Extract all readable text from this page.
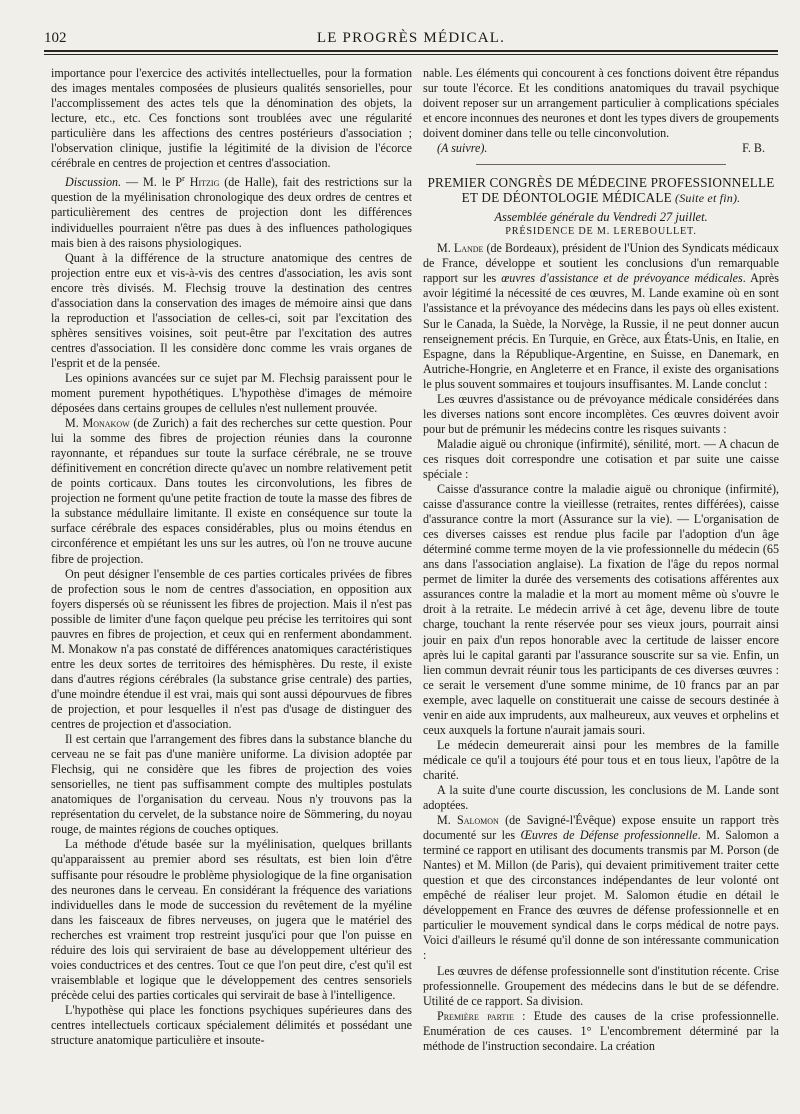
102	LE PROGRÈS MÉDICAL.

importance pour l'exercice des activités intellectuelles, pour la formation des images mentales composées de plusieurs qualités sensorielles, pour l'accomplissement des actes tels que la dénomination des objets, la lecture, etc., etc. Ces fonctions sont troublées avec une régularité particulière dans les affections des centres postérieurs d'association ; l'observation clinique, justifie la légitimité de la division de l'écorce cérébrale en centres de projection et centres d'association.

Discussion. — M. le $P^r$ Hitzig (de Halle), fait des restrictions sur la question de la myélinisation chronologique des deux ordres de centres et particulièrement des centres de projection dont les différences individuelles pourraient n'être pas dues à des influences pathologiques mais bien à des raisons physiologiques.

Quant à la différence de la structure anatomique des centres de projection entre eux et vis-à-vis des centres d'association, les avis sont encore très divisés. M. Flechsig trouve la destination des centres d'association dans la conservation des images de mémoire ainsi que dans la reproduction et l'association de celles-ci, soit par l'excitation des sphères sensitives voisines, soit peut-être par l'excitation des autres centres d'association. Il les considère donc comme les vrais organes de l'esprit et de la pensée.

Les opinions avancées sur ce sujet par M. Flechsig paraissent pour le moment purement hypothétiques. L'hypothèse d'images de mémoire déposées dans certains groupes de cellules n'est nullement prouvée.

M. Monakow (de Zurich) a fait des recherches sur cette question. Pour lui la somme des fibres de projection réunies dans la couronne rayonnante, et répandues sur toute la surface cérébrale, ne se trouve définitivement en concrétion directe qu'avec un nombre relativement petit de points corticaux. Dans toutes les circonvolutions, les fibres de projection ne forment qu'une petite fraction de toute la masse des fibres de la substance médullaire limitante. Il existe en conséquence sur toute la surface cérébrale des espaces considérables, plus ou moins étendus en circonférence et empiétant les uns sur les autres, où l'on ne trouve aucune fibre de projection.

On peut désigner l'ensemble de ces parties corticales privées de fibres de profection sous le nom de centres d'association, en opposition aux foyers dispersés où se réunissent les fibres de projection. Mais il n'est pas possible de limiter d'une façon quelque peu précise les territoires qui sont pauvres en fibres de projection, et ceux qui en renferment abondamment. M. Monakow n'a pas constaté de différences anatomiques caractéristiques entre les deux sortes de territoires des hémisphères. Du reste, il existe dans d'autres régions cérébrales (la substance grise centrale) des parties, d'une moindre étendue il est vrai, mais qui sont aussi dépourvues de fibres de projection, et pour lesquelles il n'est pas d'usage de distinguer des centres de projection et d'association.

Il est certain que l'arrangement des fibres dans la substance blanche du cerveau ne se fait pas d'une manière uniforme. La division adoptée par Flechsig, qui ne considère que les fibres de projection des voies sensorielles, ne tient pas suffisamment compte des multiples postulats anatomiques de l'organisation du cerveau. Nous n'y trouvons pas la représentation du cervelet, de la substance noire de Sömmering, du noyau rouge, de maintes régions de couches optiques.

La méthode d'étude basée sur la myélinisation, quelques brillants qu'apparaissent au premier abord ses résultats, est bien loin d'être suffisante pour résoudre le problème physiologique de la fine organisation des neurones dans le cerveau. En considérant la fréquence des variations individuelles dans le mode de succession du revêtement de la myéline dans les faisceaux de fibres nerveuses, on jugera que le matériel des recherches est vraiment trop restreint jusqu'ici pour que l'on puisse en réduire des lois qui serviraient de base au développement ultérieur des voies conductrices et des centres. Tout ce que l'on peut dire, c'est qu'il est vraisemblable et logique que le développement des centres sensoriels précède celui des parties corticales qui servirait de base à l'intelligence.

L'hypothèse qui place les fonctions psychiques supérieures dans des centres intellectuels corticaux spécialement délimités et possédant une structure anatomique particulière et insoute-

nable. Les éléments qui concourent à ces fonctions doivent être répandus sur toute l'écorce. Et les conditions anatomiques du travail psychique doivent reposer sur un arrangement particulier à complications spéciales et encore inconnues des neurones et dont les types divers de groupements doivent dominer dans telle ou telle cinconvolution.

(A suivre).	F. B.
PREMIER CONGRÈS DE MÉDECINE PROFESSIONNELLE ET DE DÉONTOLOGIE MÉDICALE (Suite et fin).
Assemblée générale du Vendredi 27 juillet.
PRÉSIDENCE DE M. LEREBOULLET.

M. Lande (de Bordeaux), président de l'Union des Syndicats médicaux de France, développe et soutient les conclusions d'un remarquable rapport sur les œuvres d'assistance et de prévoyance médicales. Après avoir légitimé la nécessité de ces œuvres, M. Lande examine où en sont l'assistance et la prévoyance des médecins dans les pays où elles existent. Sur le Canada, la Suède, la Norvège, la Russie, il ne peut donner aucun renseignement précis. En Turquie, en Grèce, aux États-Unis, en Italie, en Espagne, dans la République-Argentine, en Suisse, en Danemark, en Autriche-Hongrie, en Angleterre et en France, il existe des organisations le plus souvent sommaires et toujours insuffisantes. M. Lande conclut :

Les œuvres d'assistance ou de prévoyance médicale considérées dans les diverses nations sont encore incomplètes. Ces œuvres doivent avoir pour but de prémunir les médecins contre les risques suivants :

Maladie aiguë ou chronique (infirmité), sénilité, mort. — A chacun de ces risques doit correspondre une cotisation et par suite une caisse spéciale :

Caisse d'assurance contre la maladie aiguë ou chronique (infirmité), caisse d'assurance contre la vieillesse (retraites, rentes différées), caisse d'assurance contre la mort (Assurance sur la vie). — L'organisation de ces diverses caisses est rendue plus facile par l'adoption d'un âge déterminé comme terme moyen de la vie professionnelle du médecin (65 ans dans l'association anglaise). La fixation de l'âge du repos normal permet de limiter la durée des versements des cotisations afférentes aux assurances contre la maladie et la mort au moment même où s'ouvre le droit à la retraite. Le médecin arrivé à cet âge, devenu libre de toute charge, touchant la rente réservée pour ses vieux jours, pourrait ainsi jouir en paix d'un repos honorable avec la certitude de laisser encore après lui le capital garanti par l'assurance souscrite sur sa vie. Enfin, un lien commun devrait réunir tous les participants de ces diverses œuvres : ce serait le versement d'une somme minime, de 10 francs par an par exemple, avec laquelle on constituerait une caisse de secours destinée à venir en aide aux imprudents, aux malheureux, aux veuves et orphelins et ceux auxquels la fortune n'aurait jamais souri.

Le médecin demeurerait ainsi pour les membres de la famille médicale ce qu'il a toujours été pour tous et en tous lieux, l'apôtre de la charité.

A la suite d'une courte discussion, les conclusions de M. Lande sont adoptées.

M. Salomon (de Savigné-l'Évêque) expose ensuite un rapport très documenté sur les Œuvres de Défense professionnelle. M. Salomon a terminé ce rapport en utilisant des documents transmis par M. Porson (de Nantes) et M. Millon (de Paris), qui devaient primitivement traiter cette question et que des circonstances indépendantes de leur volonté ont empêché de réaliser leur projet. M. Salomon étudie en détail le développement en France des œuvres de défense professionnelle et en particulier le mouvement syndical dans le corps médical de notre pays. Voici d'ailleurs le résumé qu'il donne de son intéressante communication :

Les œuvres de défense professionnelle sont d'institution récente. Crise professionnelle. Groupement des médecins dans le but de se défendre. Utilité de ce rapport. Sa division.

Première partie : Etude des causes de la crise professionnelle. Enumération de ces causes. 1° L'encombrement déterminé par la méthode de l'instruction secondaire. La création
